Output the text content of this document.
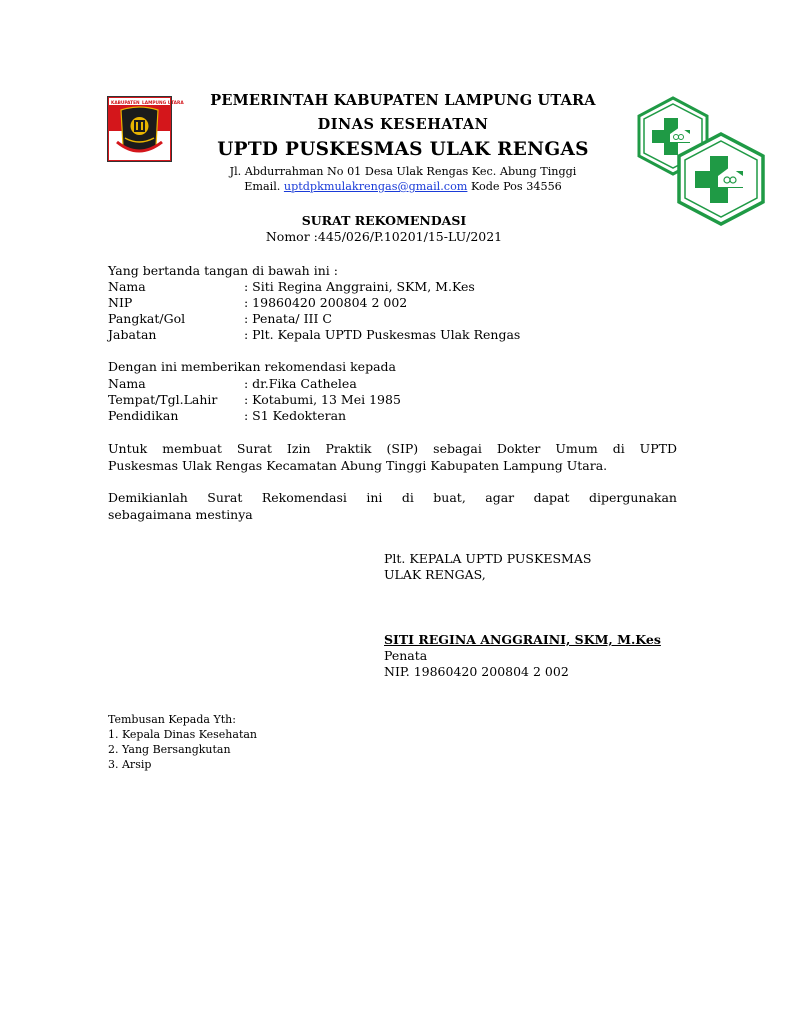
KABUPATEN LAMPUNG UTARA	PEMERINTAH KABUPATEN LAMPUNG UTARA
DINAS KESEHATAN
UPTD PUSKESMAS ULAK RENGAS
Jl. Abdurrahman No 01 Desa Ulak Rengas Kec. Abung Tinggi
Email. uptdpkmulakrengas@gmail.com Kode Pos 34556
SURAT REKOMENDASI
Nomor :445/026/P.10201/15-LU/2021
Yang bertanda tangan di bawah ini :
Nama	: Siti Regina Anggraini, SKM, M.Kes
NIP	: 19860420 200804 2 002
Pangkat/Gol	: Penata/ III C
Jabatan	: Plt. Kepala UPTD Puskesmas Ulak Rengas
Dengan ini memberikan rekomendasi kepada
Nama	: dr.Fika Cathelea
Tempat/Tgl.Lahir : Kotabumi, 13 Mei 1985
Pendidikan	: S1 Kedokteran
Untuk membuat Surat Izin Praktik (SIP) sebagai Dokter Umum di UPTD
Puskesmas Ulak Rengas Kecamatan Abung Tinggi Kabupaten Lampung Utara.
Demikianlah Surat Rekomendasi ini di buat, agar dapat dipergunakan
sebagaimana mestinya
Plt. KEPALA UPTD PUSKESMAS
ULAK RENGAS,
SITI REGINA ANGGRAINI, SKM, M.Kes
Penata
NIP. 19860420 200804 2 002
Tembusan Kepada Yth:
1. Kepala Dinas Kesehatan
2. Yang Bersangkutan
3. Arsip
